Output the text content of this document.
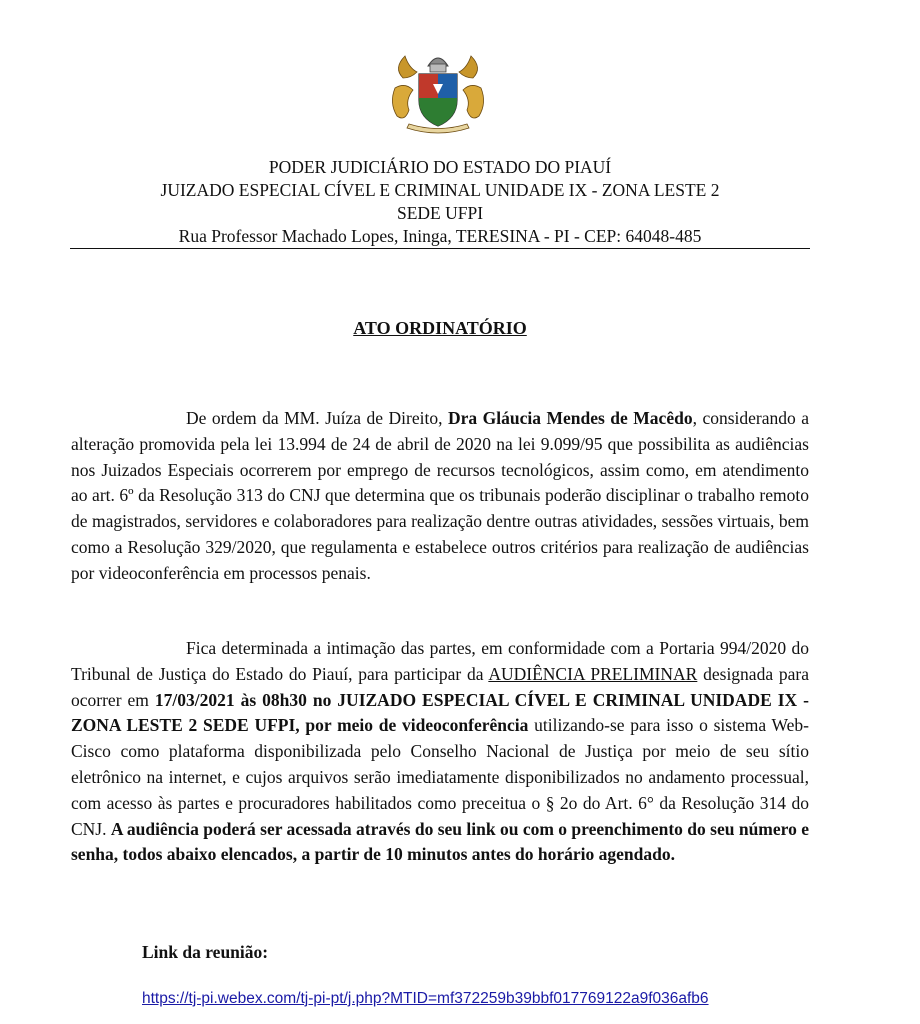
PODER JUDICIÁRIO DO ESTADO DO PIAUÍ
JUIZADO ESPECIAL CÍVEL E CRIMINAL UNIDADE IX - ZONA LESTE 2
SEDE UFPI
Rua Professor Machado Lopes, Ininga, TERESINA - PI - CEP: 64048-485
ATO ORDINATÓRIO
De ordem da MM. Juíza de Direito, Dra Gláucia Mendes de Macêdo, considerando a alteração promovida pela lei 13.994 de 24 de abril de 2020 na lei 9.099/95 que possibilita as audiências nos Juizados Especiais ocorrerem por emprego de recursos tecnológicos, assim como, em atendimento ao art. 6º da Resolução 313 do CNJ que determina que os tribunais poderão disciplinar o trabalho remoto de magistrados, servidores e colaboradores para realização dentre outras atividades, sessões virtuais, bem como a Resolução 329/2020, que regulamenta e estabelece outros critérios para realização de audiências por videoconferência em processos penais.
Fica determinada a intimação das partes, em conformidade com a Portaria 994/2020 do Tribunal de Justiça do Estado do Piauí, para participar da AUDIÊNCIA PRELIMINAR designada para ocorrer em 17/03/2021 às 08h30 no JUIZADO ESPECIAL CÍVEL E CRIMINAL UNIDADE IX - ZONA LESTE 2 SEDE UFPI, por meio de videoconferência utilizando-se para isso o sistema Web-Cisco como plataforma disponibilizada pelo Conselho Nacional de Justiça por meio de seu sítio eletrônico na internet, e cujos arquivos serão imediatamente disponibilizados no andamento processual, com acesso às partes e procuradores habilitados como preceitua o § 2o do Art. 6° da Resolução 314 do CNJ. A audiência poderá ser acessada através do seu link ou com o preenchimento do seu número e senha, todos abaixo elencados, a partir de 10 minutos antes do horário agendado.
Link da reunião:
https://tj-pi.webex.com/tj-pi-pt/j.php?MTID=mf372259b39bbf017769122a9f036afb6
